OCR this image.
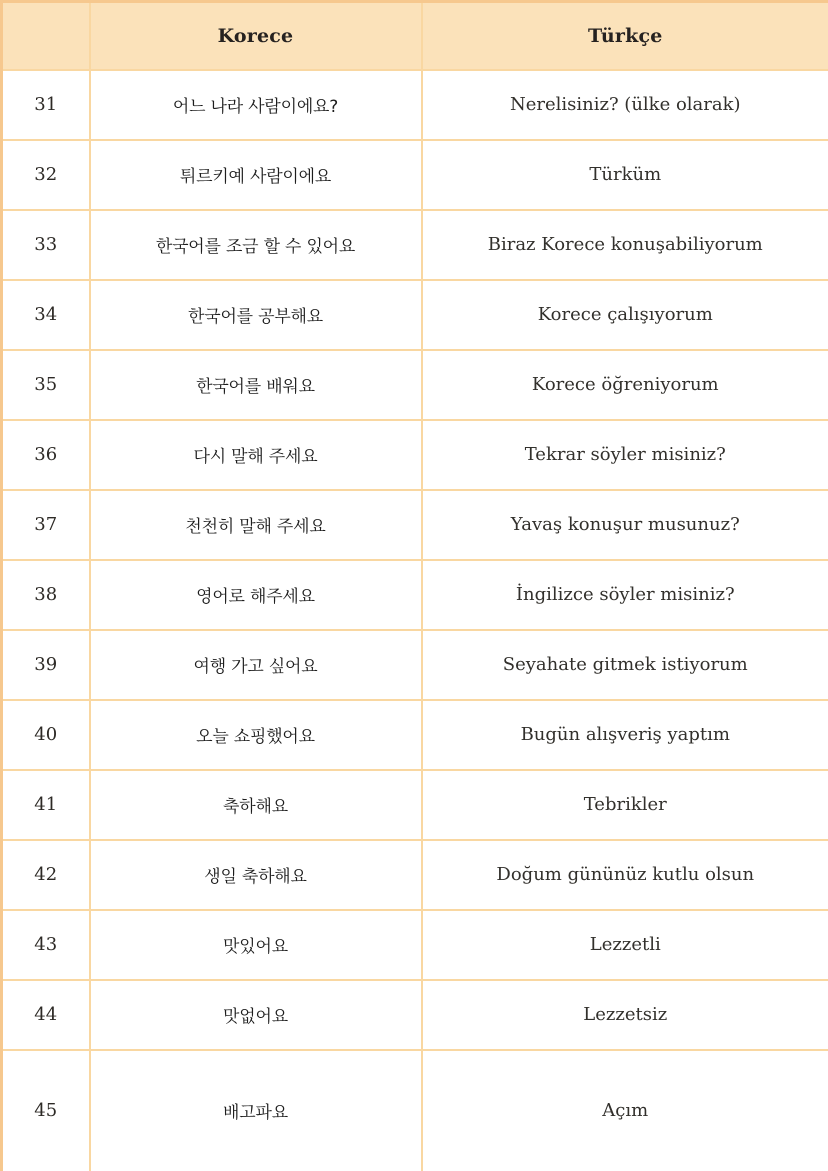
	Korece	Türkçe
31	어느 나라 사람이에요?	Nerelisiniz? (ülke olarak)
32	튀르키예 사람이에요	Türküm
33	한국어를 조금 할 수 있어요	Biraz Korece konuşabiliyorum
34	한국어를 공부해요	Korece çalışıyorum
35	한국어를 배워요	Korece öğreniyorum
36	다시 말해 주세요	Tekrar söyler misiniz?
37	천천히 말해 주세요	Yavaş konuşur musunuz?
38	영어로 해주세요	İngilizce söyler misiniz?
39	여행 가고 싶어요	Seyahate gitmek istiyorum
40	오늘 쇼핑했어요	Bugün alışveriş yaptım
41	축하해요	Tebrikler
42	생일 축하해요	Doğum gününüz kutlu olsun
43	맛있어요	Lezzetli
44	맛없어요	Lezzetsiz
45	배고파요	Açım
